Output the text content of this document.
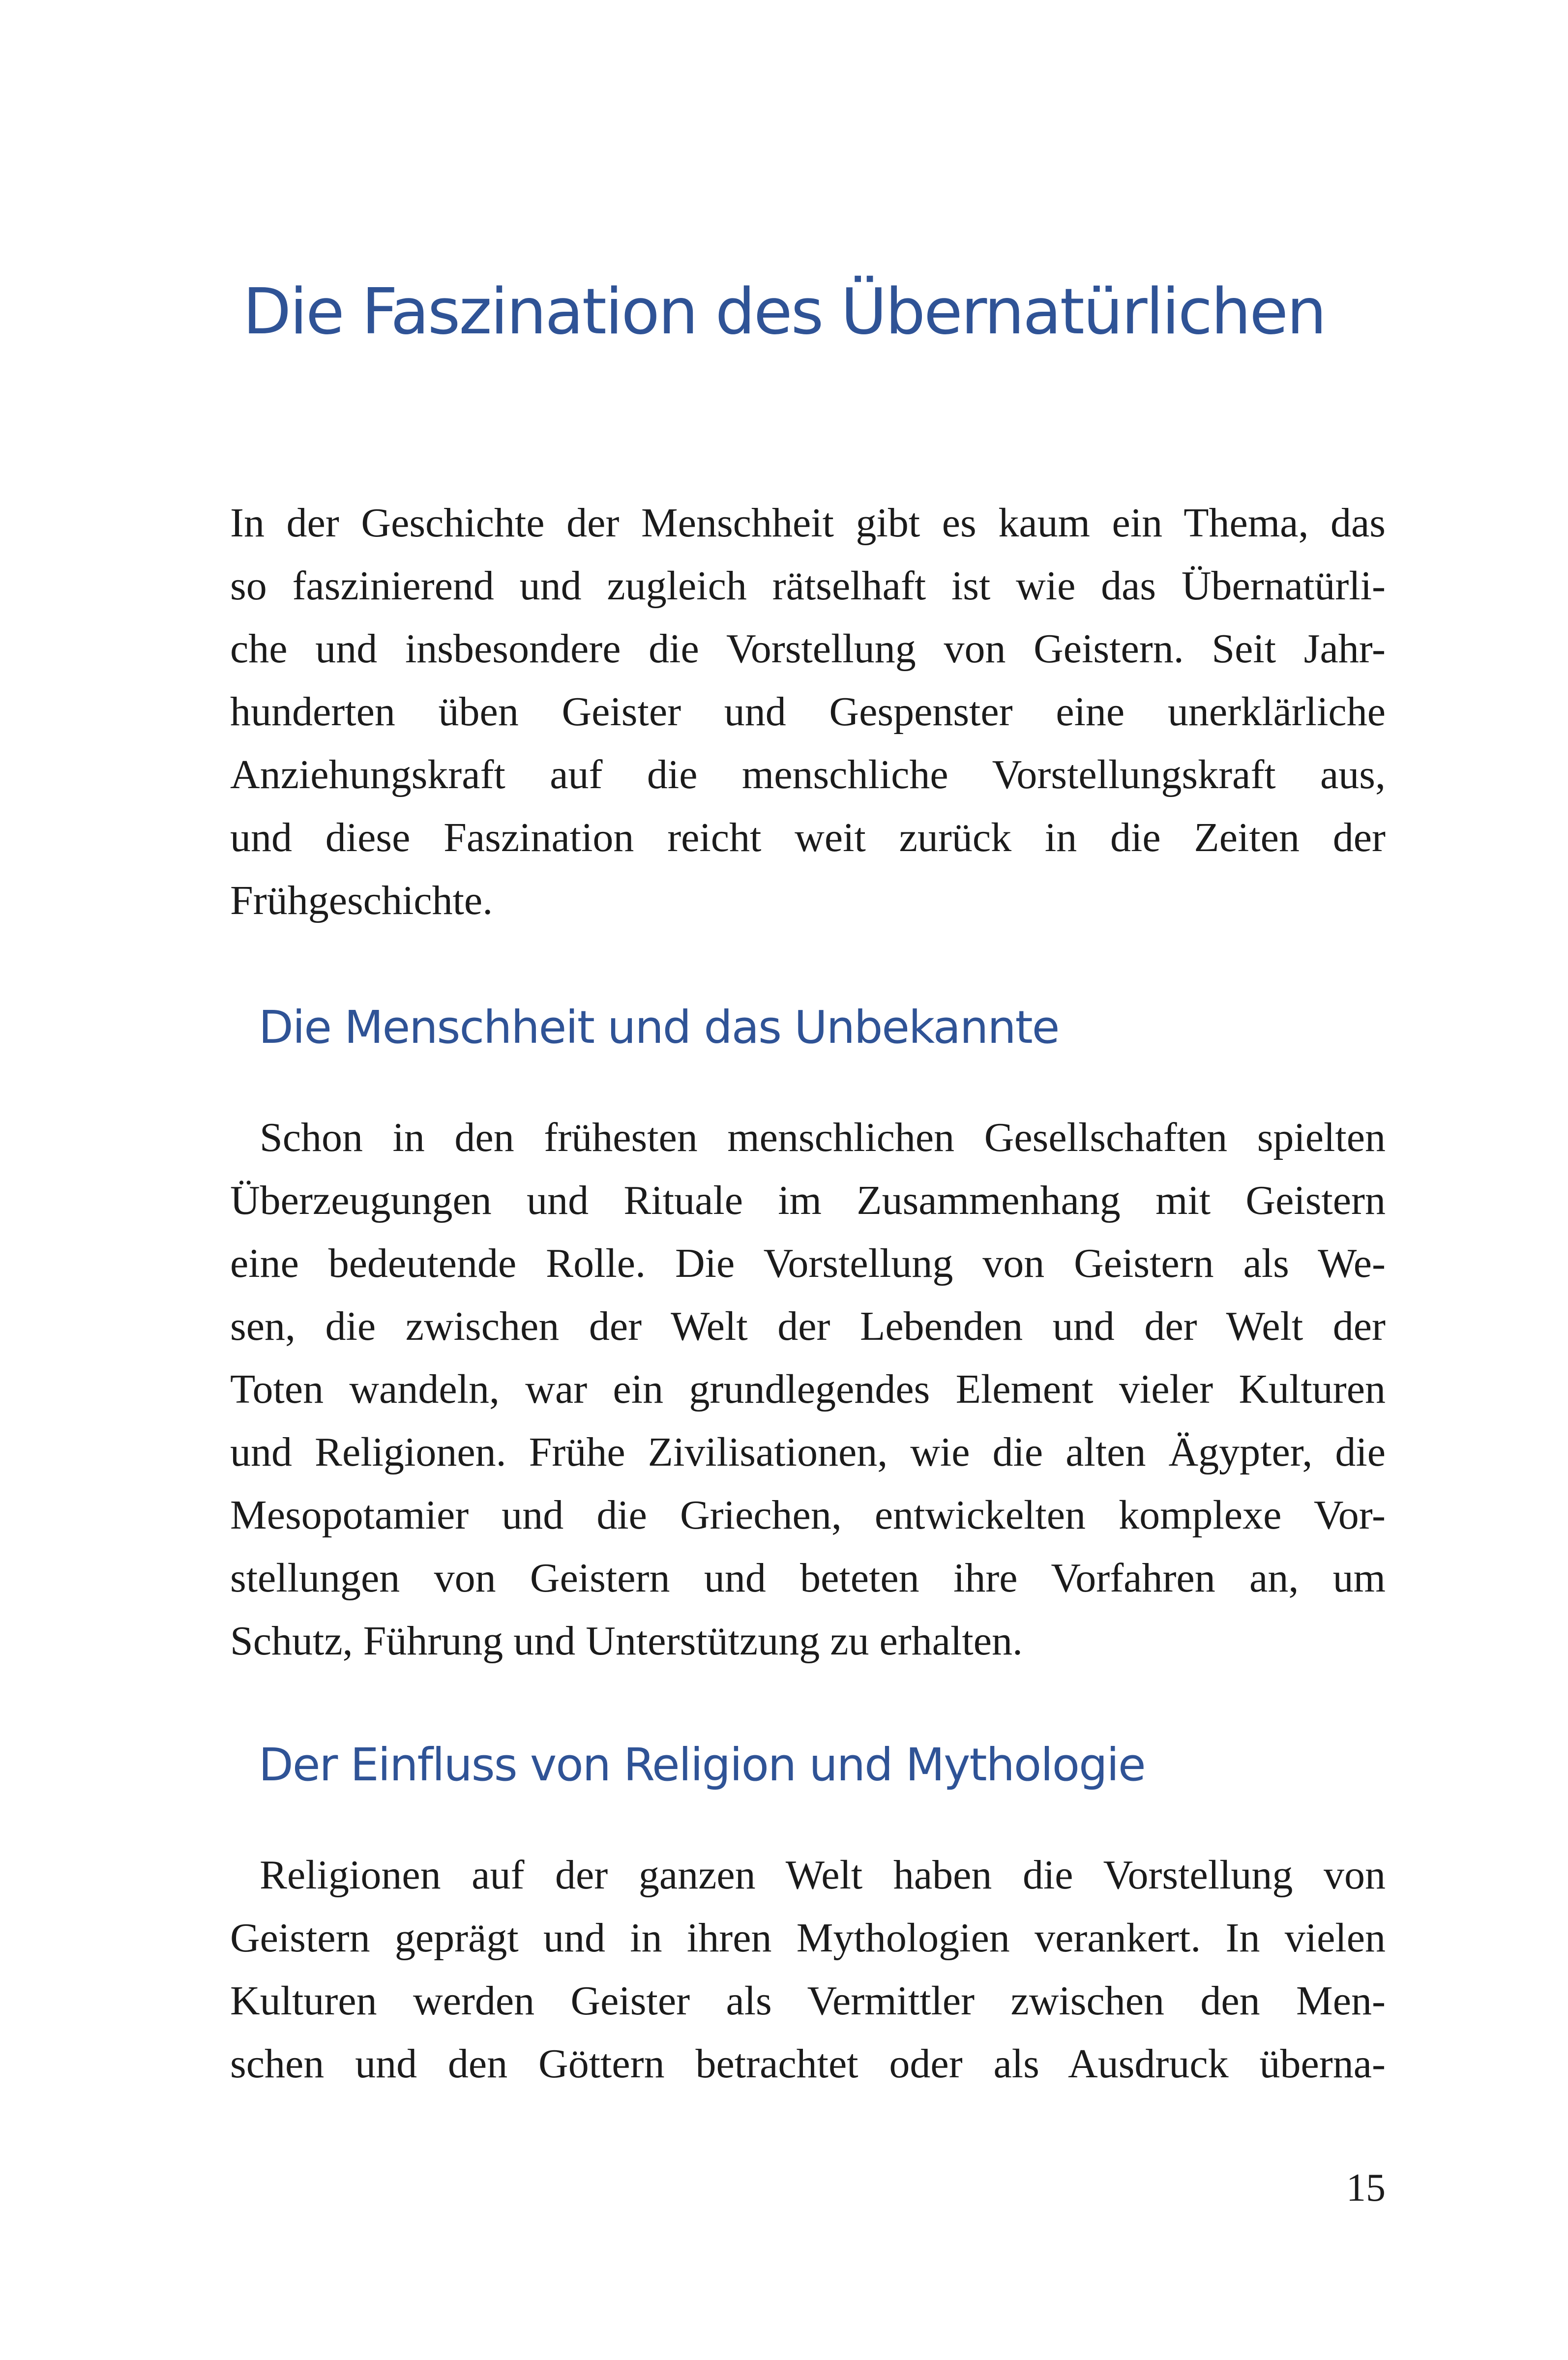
Die Faszination des Übernatürlichen
In der Geschichte der Menschheit gibt es kaum ein Thema, das
so faszinierend und zugleich rätselhaft ist wie das Übernatürli-
che und insbesondere die Vorstellung von Geistern. Seit Jahr-
hunderten üben Geister und Gespenster eine unerklärliche
Anziehungskraft auf die menschliche Vorstellungskraft aus,
und diese Faszination reicht weit zurück in die Zeiten der
Frühgeschichte.
Die Menschheit und das Unbekannte
Schon in den frühesten menschlichen Gesellschaften spielten
Überzeugungen und Rituale im Zusammenhang mit Geistern
eine bedeutende Rolle. Die Vorstellung von Geistern als We-
sen, die zwischen der Welt der Lebenden und der Welt der
Toten wandeln, war ein grundlegendes Element vieler Kulturen
und Religionen. Frühe Zivilisationen, wie die alten Ägypter, die
Mesopotamier und die Griechen, entwickelten komplexe Vor-
stellungen von Geistern und beteten ihre Vorfahren an, um
Schutz, Führung und Unterstützung zu erhalten.
Der Einfluss von Religion und Mythologie
Religionen auf der ganzen Welt haben die Vorstellung von
Geistern geprägt und in ihren Mythologien verankert. In vielen
Kulturen werden Geister als Vermittler zwischen den Men-
schen und den Göttern betrachtet oder als Ausdruck überna-
15
